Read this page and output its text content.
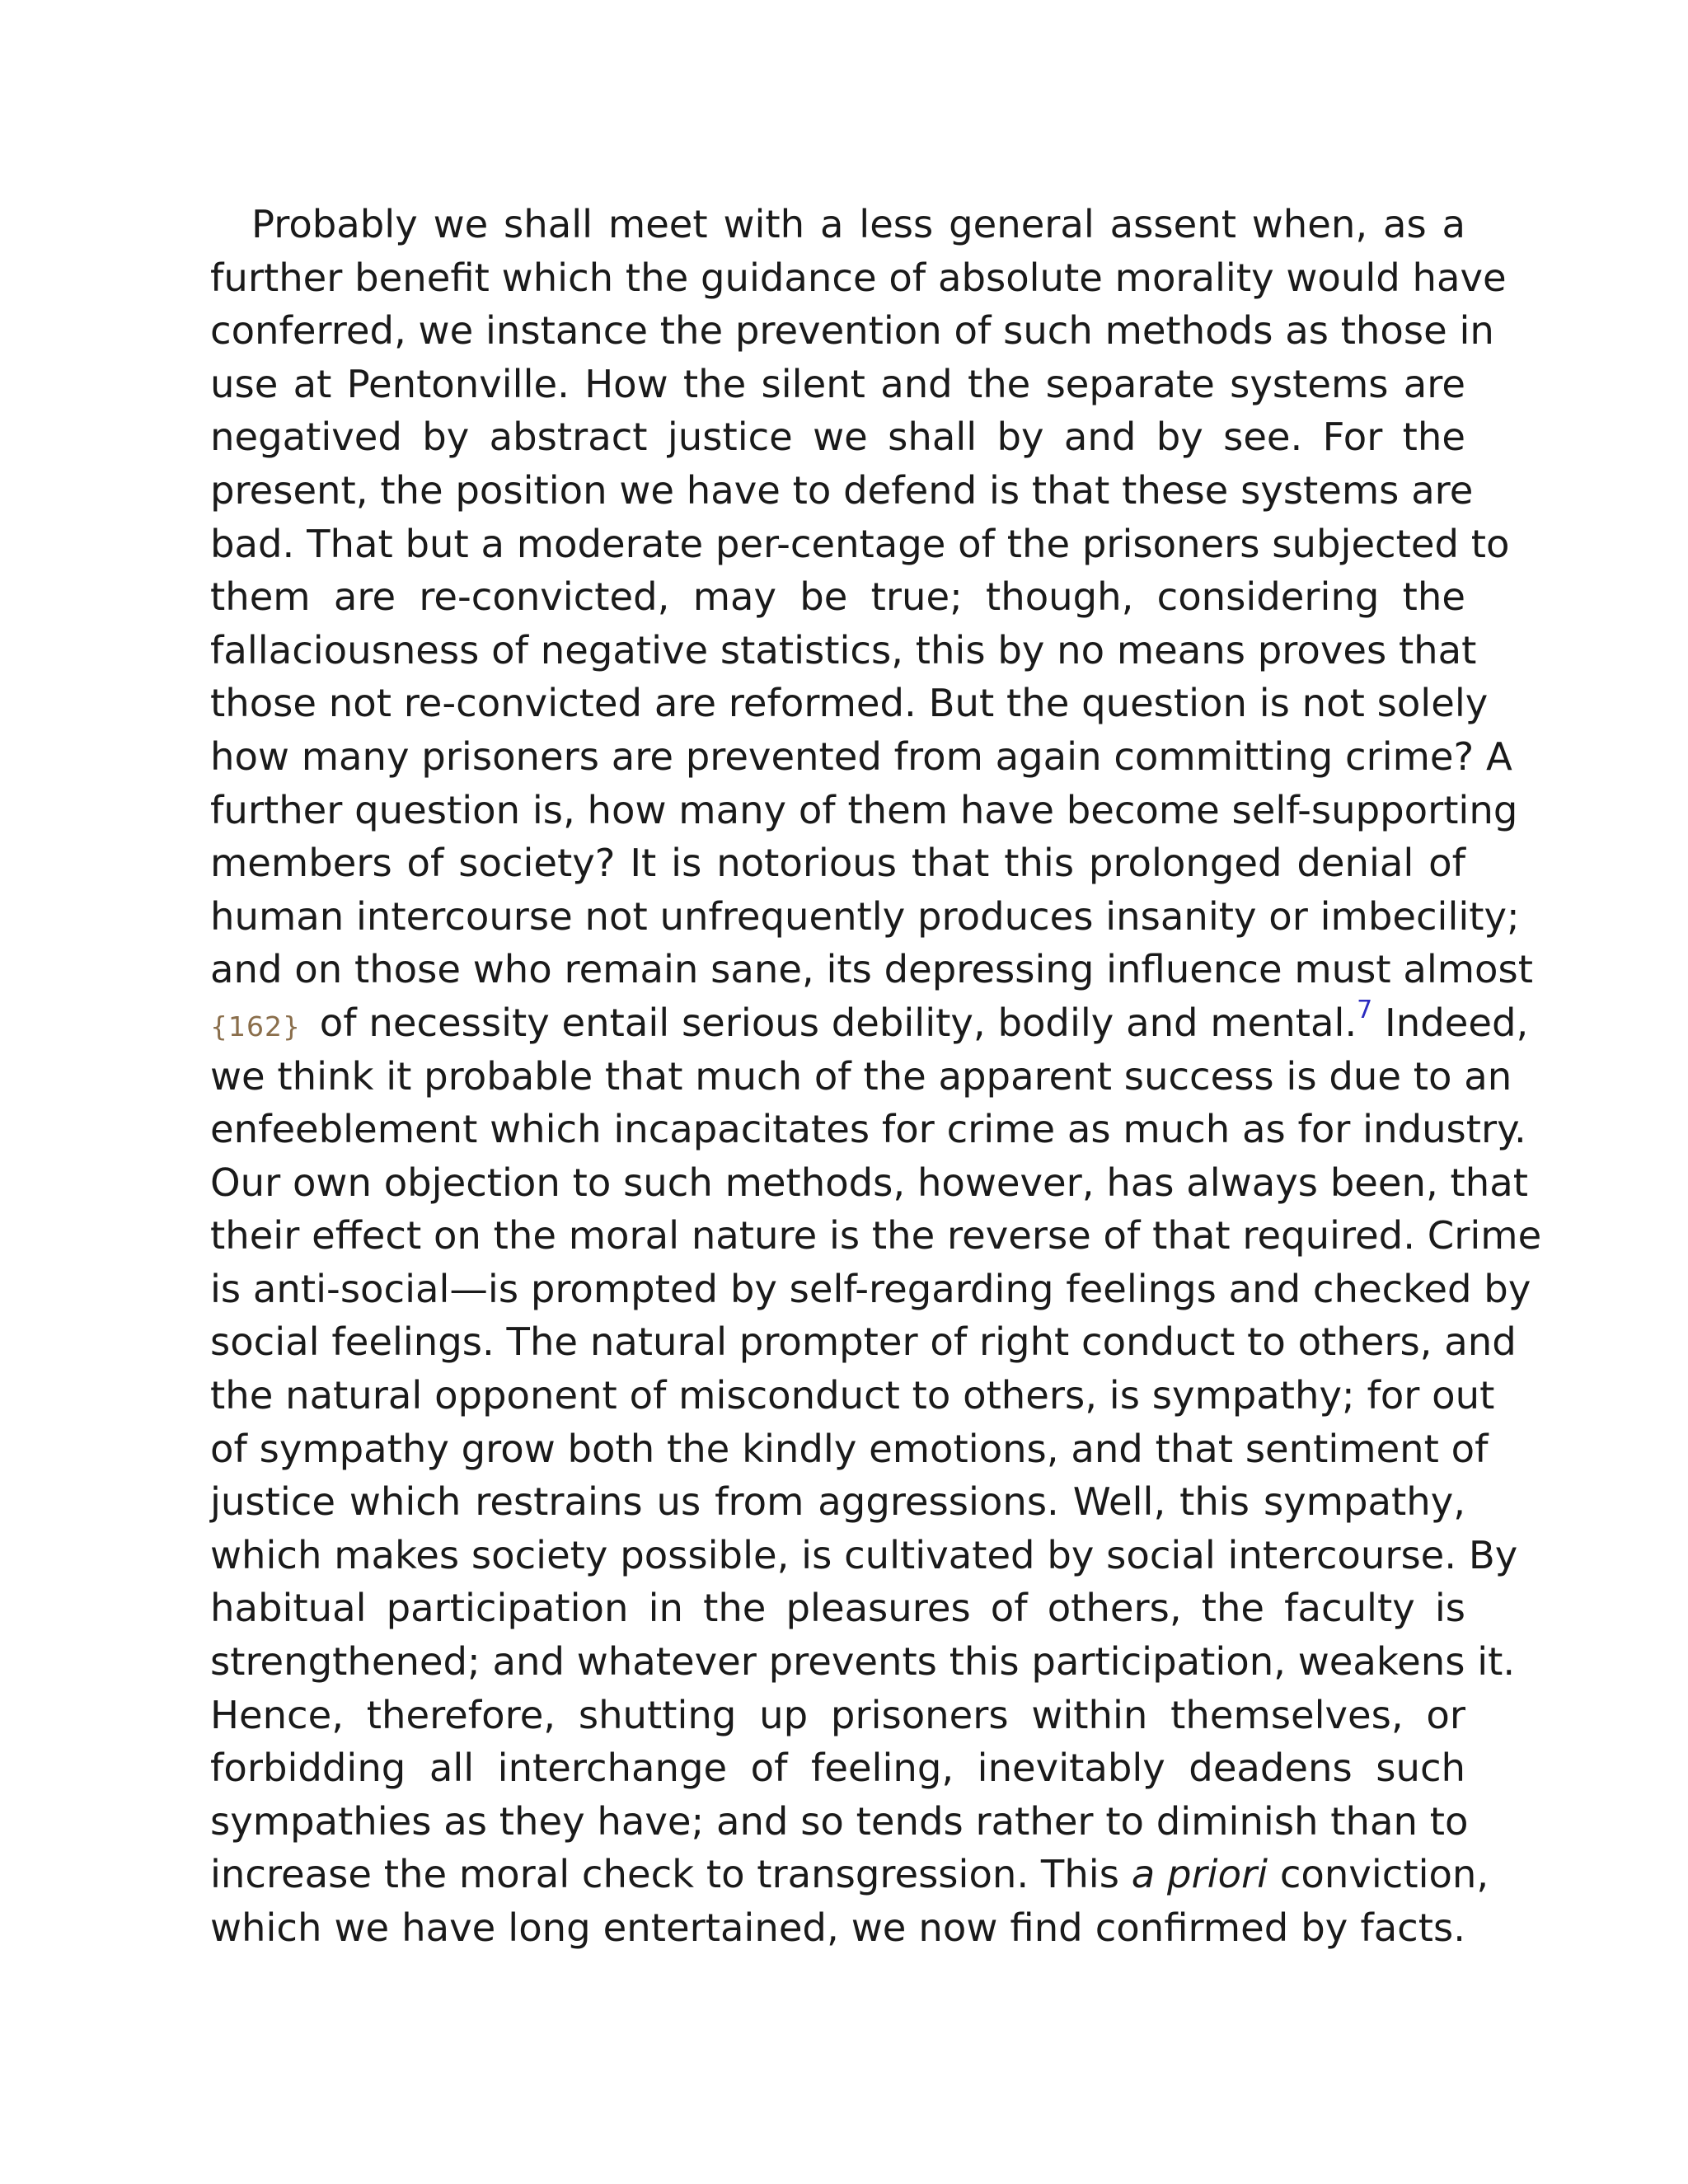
Probably we shall meet with a less general assent when, as a
further benefit which the guidance of absolute morality would have
conferred, we instance the prevention of such methods as those in
use at Pentonville. How the silent and the separate systems are
negatived by abstract justice we shall by and by see. For the
present, the position we have to defend is that these systems are
bad. That but a moderate per-centage of the prisoners subjected to
them are re-convicted, may be true; though, considering the
fallaciousness of negative statistics, this by no means proves that
those not re-convicted are reformed. But the question is not solely
how many prisoners are prevented from again committing crime? A
further question is, how many of them have become self-supporting
members of society? It is notorious that this prolonged denial of
human intercourse not unfrequently produces insanity or imbecility;
and on those who remain sane, its depressing influence must almost
{162} of necessity entail serious debility, bodily and mental.$^7$ Indeed,
we think it probable that much of the apparent success is due to an
enfeeblement which incapacitates for crime as much as for industry.
Our own objection to such methods, however, has always been, that
their effect on the moral nature is the reverse of that required. Crime
is anti-social—is prompted by self-regarding feelings and checked by
social feelings. The natural prompter of right conduct to others, and
the natural opponent of misconduct to others, is sympathy; for out
of sympathy grow both the kindly emotions, and that sentiment of
justice which restrains us from aggressions. Well, this sympathy,
which makes society possible, is cultivated by social intercourse. By
habitual participation in the pleasures of others, the faculty is
strengthened; and whatever prevents this participation, weakens it.
Hence, therefore, shutting up prisoners within themselves, or
forbidding all interchange of feeling, inevitably deadens such
sympathies as they have; and so tends rather to diminish than to
increase the moral check to transgression. This a priori conviction,
which we have long entertained, we now find confirmed by facts.
